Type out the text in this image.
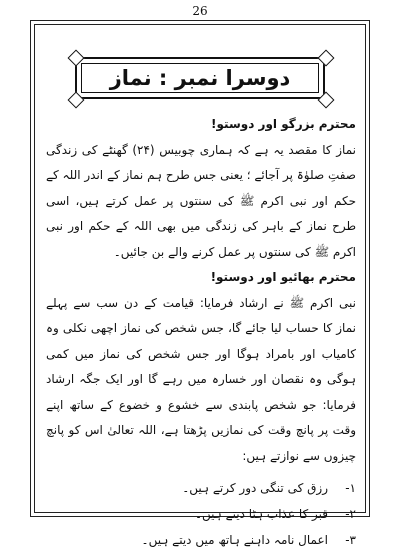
26
دوسرا نمبر : نماز

محترم بزرگو اور دوستو!

نماز کا مقصد یہ ہے کہ ہماری چوبیس (۲۴) گھنٹے کی زندگی صفتِ صلوٰۃ پر آجائے ؛ یعنی جس طرح ہم نماز کے اندر اللہ کے حکم اور نبی اکرم ﷺ کی سنتوں پر عمل کرتے ہیں، اسی طرح نماز کے باہر کی زندگی میں بھی اللہ کے حکم اور نبی اکرم ﷺ کی سنتوں پر عمل کرنے والے بن جائیں۔

محترم بھائیو اور دوستو!

نبی اکرم ﷺ نے ارشاد فرمایا: قیامت کے دن سب سے پہلے نماز کا حساب لیا جائے گا، جس شخص کی نماز اچھی نکلی وہ کامیاب اور بامراد ہوگا اور جس شخص کی نماز میں کمی ہوگی وہ نقصان اور خسارہ میں رہے گا اور ایک جگہ ارشاد فرمایا: جو شخص پابندی سے خشوع و خضوع کے ساتھ اپنے وقت پر پانچ وقت کی نمازیں پڑھتا ہے، اللہ تعالیٰ اس کو پانچ چیزوں سے نوازتے ہیں:

۱-
رزق کی تنگی دور کرتے ہیں۔
۲-
قبر کا عذاب ہٹا دیتے ہیں۔
۳-
اعمال نامہ داہنے ہاتھ میں دیتے ہیں۔
